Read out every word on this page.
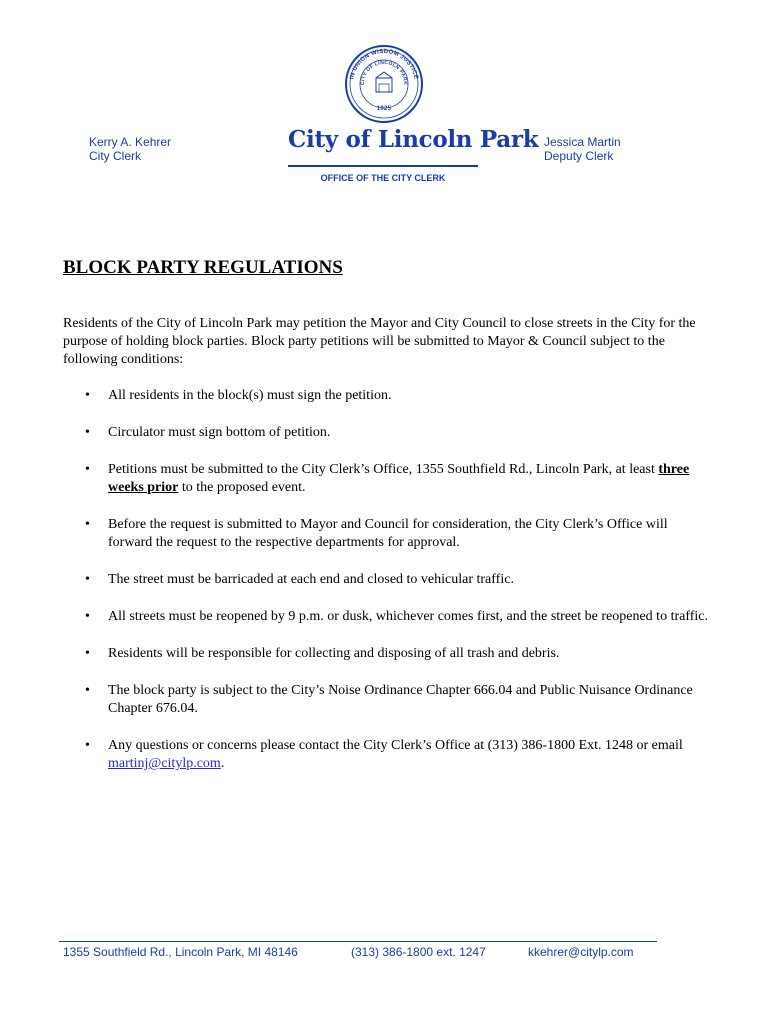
IN UNION WISDOM JUSTICE
CITY OF LINCOLN PARK
1925
Kerry A. Kehrer
City Clerk
City of Lincoln Park
OFFICE OF THE CITY CLERK
Jessica Martin
Deputy Clerk
BLOCK PARTY REGULATIONS

Residents of the City of Lincoln Park may petition the Mayor and City Council to close streets in the City for the purpose of holding block parties. Block party petitions will be submitted to Mayor & Council subject to the following conditions:

• All residents in the block(s) must sign the petition.
• Circulator must sign bottom of petition.
• Petitions must be submitted to the City Clerk’s Office, 1355 Southfield Rd., Lincoln Park, at least three weeks prior to the proposed event.
• Before the request is submitted to Mayor and Council for consideration, the City Clerk’s Office will forward the request to the respective departments for approval.
• The street must be barricaded at each end and closed to vehicular traffic.
• All streets must be reopened by 9 p.m. or dusk, whichever comes first, and the street be reopened to traffic.
• Residents will be responsible for collecting and disposing of all trash and debris.
• The block party is subject to the City’s Noise Ordinance Chapter 666.04 and Public Nuisance Ordinance Chapter 676.04.
• Any questions or concerns please contact the City Clerk’s Office at (313) 386-1800 Ext. 1248 or email martinj@citylp.com.
1355 Southfield Rd., Lincoln Park, MI 48146	(313) 386-1800 ext. 1247	kkehrer@citylp.com
